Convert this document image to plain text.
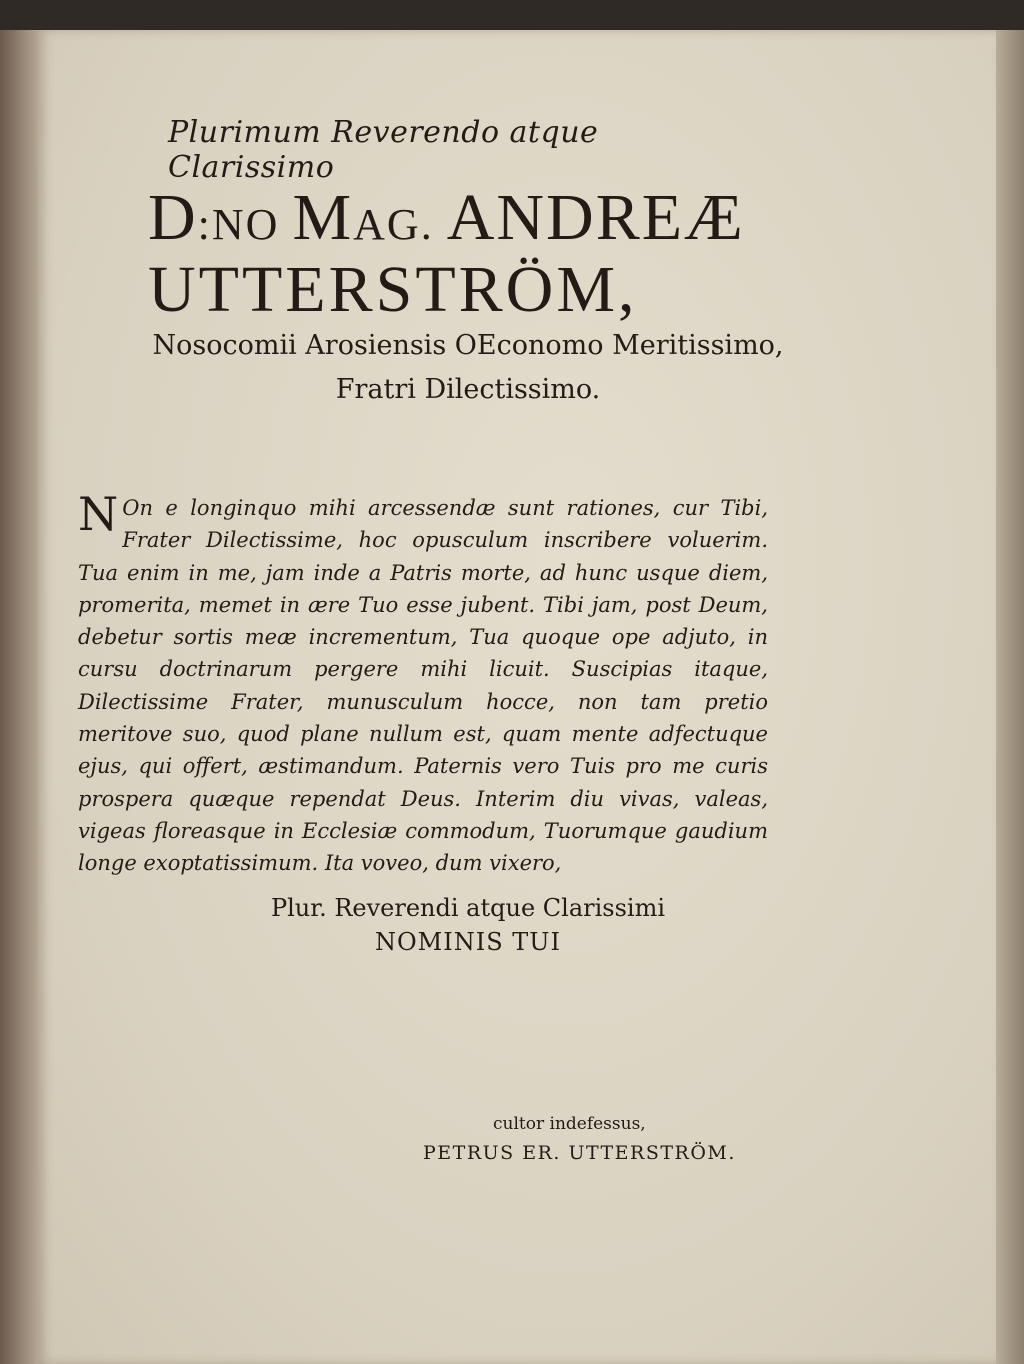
Plurimum Reverendo atque Clarissimo
D:NO MAG. ANDREÆ
UTTERSTRÖM,
Nosocomii Arosiensis OEconomo Meritissimo,
Fratri Dilectissimo.
N On e longinquo mihi arcessendæ sunt rationes, cur Tibi, Frater Dilectissime, hoc opusculum inscribere voluerim. Tua enim in me, jam inde a Patris morte, ad hunc usque diem, promerita, memet in ære Tuo esse jubent. Tibi jam, post Deum, debetur sortis meæ incrementum, Tua quoque ope adjuto, in cursu doctrinarum pergere mihi licuit. Suscipias itaque, Dilectissime Frater, munusculum hocce, non tam pretio meritove suo, quod plane nullum est, quam mente adfectuque ejus, qui offert, æstimandum. Paternis vero Tuis pro me curis prospera quæque rependat Deus. Interim diu vivas, valeas, vigeas floreasque in Ecclesiæ commodum, Tuorumque gaudium longe exoptatissimum. Ita voveo, dum vixero,
Plur. Reverendi atque Clarissimi
NOMINIS TUI
cultor indefessus,
PETRUS ER. UTTERSTRÖM.
